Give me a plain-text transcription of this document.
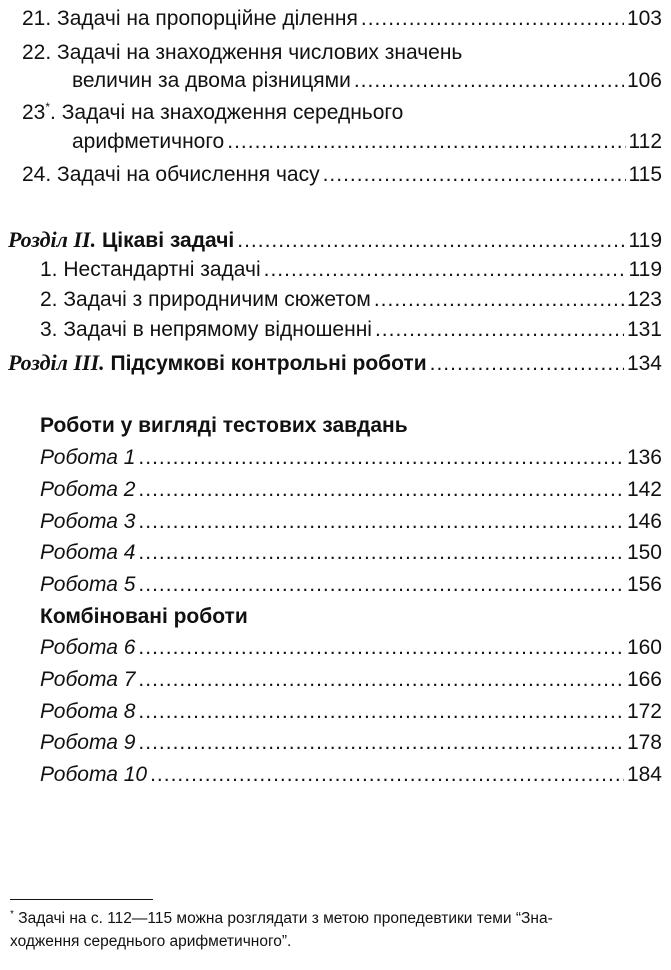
21. Задачі на пропорційне ділення .....	103
22. Задачі на знаходження числових значень
величин за двома різницями .....	106
23*. Задачі на знаходження середнього
арифметичного .....	112
24. Задачі на обчислення часу .....	115
Розділ II. Цікаві задачі .....	119
1. Нестандартні задачі .....	119
2. Задачі з природничим сюжетом .....	123
3. Задачі в непрямому відношенні .....	131
Розділ III. Підсумкові контрольні роботи .....	134
Роботи у вигляді тестових завдань
Робота 1 .....	136
Робота 2 .....	142
Робота 3 .....	146
Робота 4 .....	150
Робота 5 .....	156
Комбіновані роботи
Робота 6 .....	160
Робота 7 .....	166
Робота 8 .....	172
Робота 9 .....	178
Робота 10 .....	184

* Задачі на с. 112—115 можна розглядати з метою пропедевтики теми “Зна-

ходження середнього арифметичного”.
